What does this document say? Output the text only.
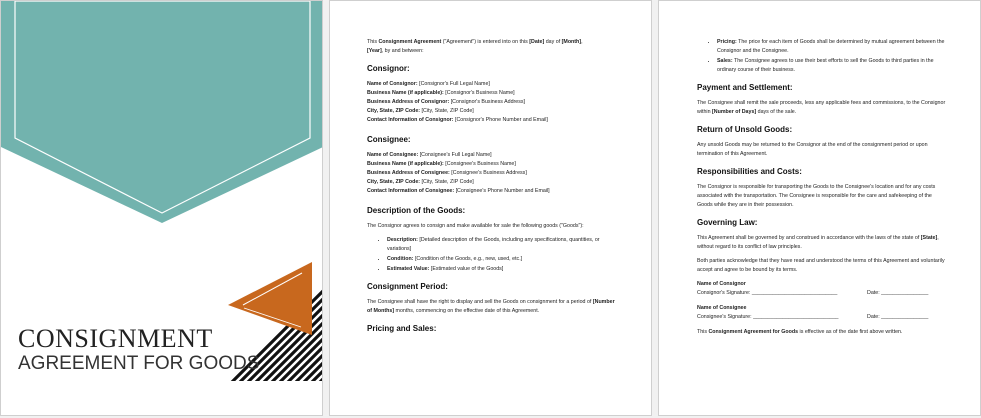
CONSIGNMENT
AGREEMENT FOR GOODS

This Consignment Agreement ("Agreement") is entered into on this [Date] day of [Month],
[Year], by and between:

Consignor:
Name of Consignor: [Consignor's Full Legal Name]
Business Name (if applicable): [Consignor's Business Name]
Business Address of Consignor: [Consignor's Business Address]
City, State, ZIP Code: [City, State, ZIP Code]
Contact Information of Consignor: [Consignor's Phone Number and Email]
Consignee:
Name of Consignee: [Consignee's Full Legal Name]
Business Name (if applicable): [Consignee's Business Name]
Business Address of Consignee: [Consignee's Business Address]
City, State, ZIP Code: [City, State, ZIP Code]
Contact Information of Consignee: [Consignee's Phone Number and Email]
Description of the Goods:

The Consignor agrees to consign and make available for sale the following goods ("Goods"):

• Description: [Detailed description of the Goods, including any specifications, quantities, or variations]
• Condition: [Condition of the Goods, e.g., new, used, etc.]
• Estimated Value: [Estimated value of the Goods]
Consignment Period:

The Consignee shall have the right to display and sell the Goods on consignment for a period of [Number of Months] months, commencing on the effective date of this Agreement.

Pricing and Sales:
• Pricing: The price for each item of Goods shall be determined by mutual agreement between the Consignor and the Consignee.
• Sales: The Consignee agrees to use their best efforts to sell the Goods to third parties in the ordinary course of their business.
Payment and Settlement:

The Consignee shall remit the sale proceeds, less any applicable fees and commissions, to the Consignor within [Number of Days] days of the sale.

Return of Unsold Goods:

Any unsold Goods may be returned to the Consignor at the end of the consignment period or upon termination of this Agreement.

Responsibilities and Costs:

The Consignor is responsible for transporting the Goods to the Consignee's location and for any costs associated with the transportation. The Consignee is responsible for the care and safekeeping of the Goods while they are in their possession.

Governing Law:

This Agreement shall be governed by and construed in accordance with the laws of the state of [State], without regard to its conflict of law principles.

Both parties acknowledge that they have read and understood the terms of this Agreement and voluntarily accept and agree to be bound by its terms.

Name of Consignor
Consignor's Signature: _____________________________	Date: ________________
Name of Consignee
Consignee's Signature: _____________________________	Date: ________________

This Consignment Agreement for Goods is effective as of the date first above written.
